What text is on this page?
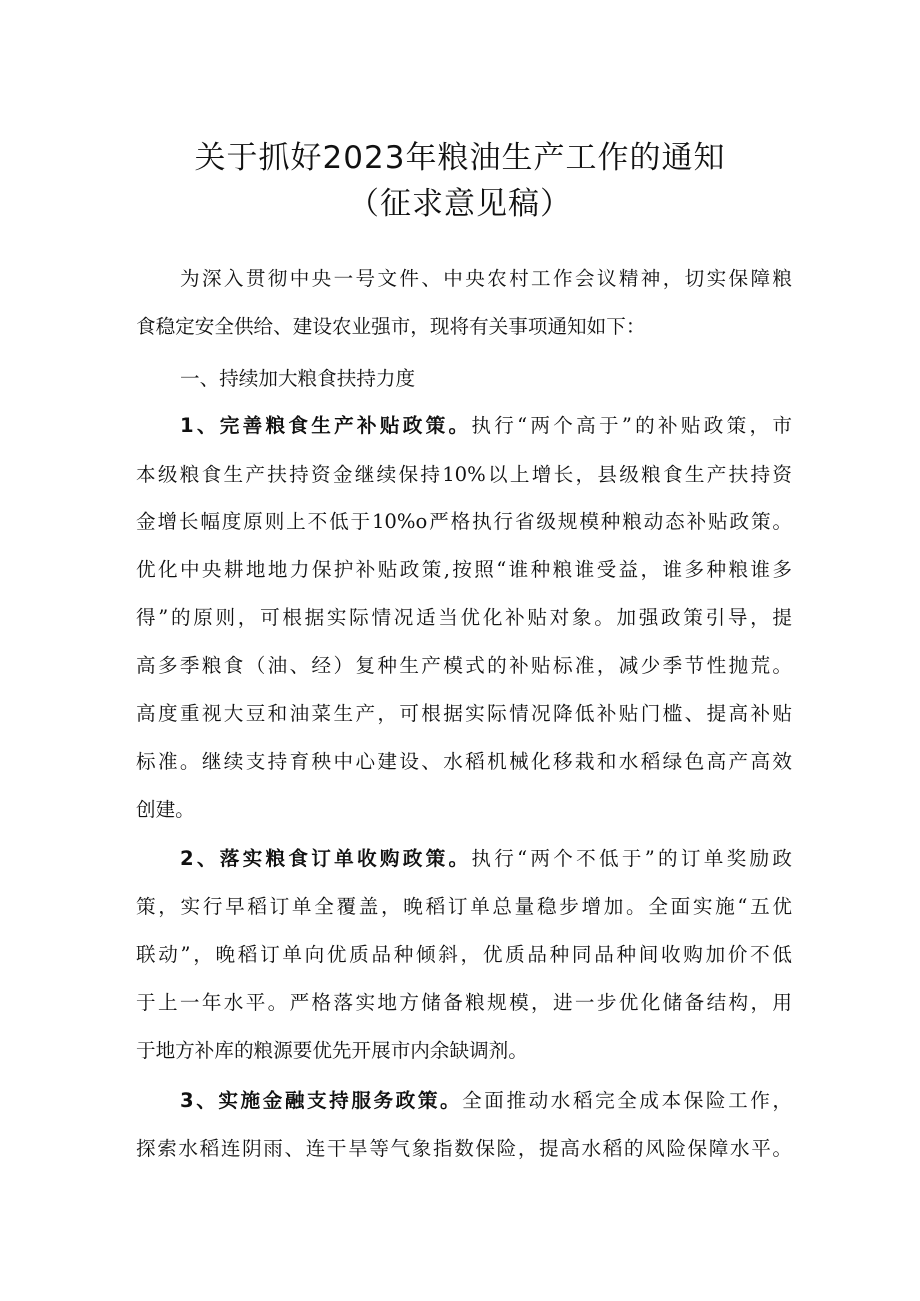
关于抓好2023年粮油生产工作的通知
（征求意见稿）
为深入贯彻中央一号文件、中央农村工作会议精神，切实保障粮
食稳定安全供给、建设农业强市，现将有关事项通知如下：
一、持续加大粮食扶持力度
1、完善粮食生产补贴政策。执行“两个高于”的补贴政策，市
本级粮食生产扶持资金继续保持10%以上增长，县级粮食生产扶持资
金增长幅度原则上不低于10%o严格执行省级规模种粮动态补贴政策。
优化中央耕地地力保护补贴政策,按照“谁种粮谁受益，谁多种粮谁多
得”的原则，可根据实际情况适当优化补贴对象。加强政策引导，提
高多季粮食（油、经）复种生产模式的补贴标准，减少季节性抛荒。
高度重视大豆和油菜生产，可根据实际情况降低补贴门槛、提高补贴
标准。继续支持育秧中心建设、水稻机械化移栽和水稻绿色高产高效
创建。
2、落实粮食订单收购政策。执行“两个不低于”的订单奖励政
策，实行早稻订单全覆盖，晚稻订单总量稳步增加。全面实施“五优
联动”，晚稻订单向优质品种倾斜，优质品种同品种间收购加价不低
于上一年水平。严格落实地方储备粮规模，进一步优化储备结构，用
于地方补库的粮源要优先开展市内余缺调剂。
3、实施金融支持服务政策。全面推动水稻完全成本保险工作，
探索水稻连阴雨、连干旱等气象指数保险，提高水稻的风险保障水平。
